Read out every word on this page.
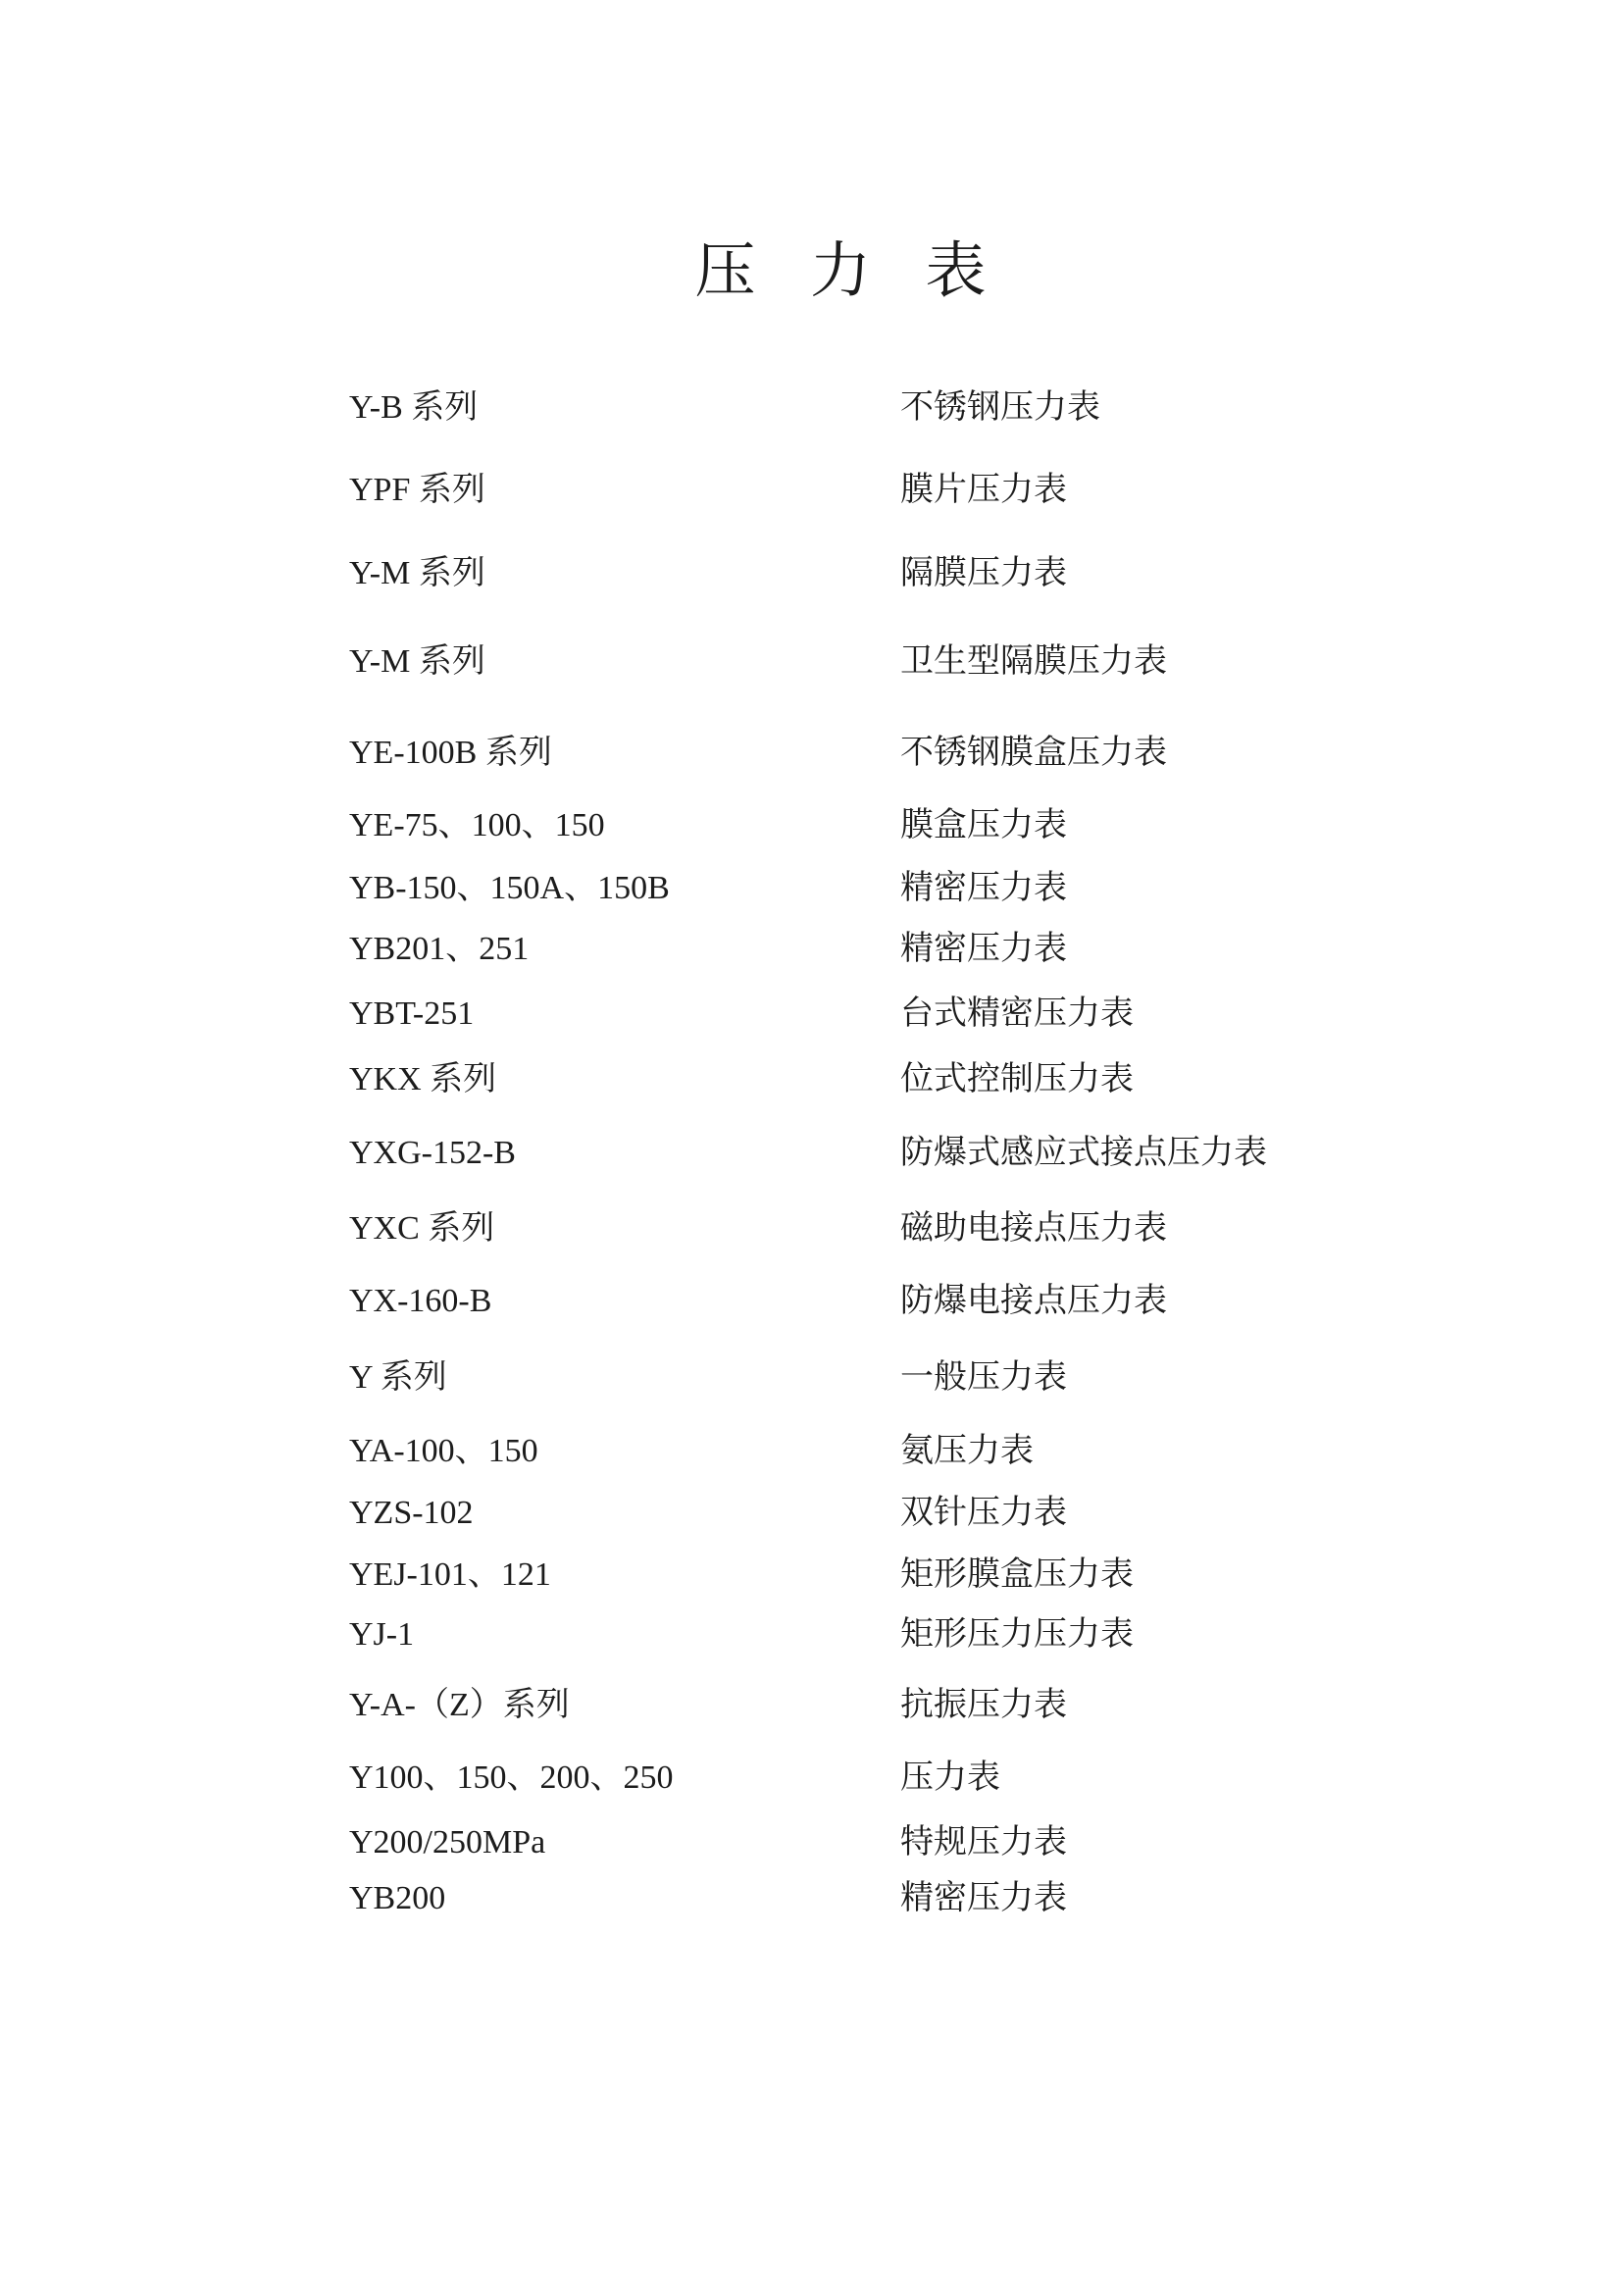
压 力 表
Y-B 系列	不锈钢压力表
YPF 系列	膜片压力表
Y-M 系列	隔膜压力表
Y-M 系列	卫生型隔膜压力表
YE-100B 系列	不锈钢膜盒压力表
YE-75、100、150	膜盒压力表
YB-150、150A、150B	精密压力表
YB201、251	精密压力表
YBT-251	台式精密压力表
YKX 系列	位式控制压力表
YXG-152-B	防爆式感应式接点压力表
YXC 系列	磁助电接点压力表
YX-160-B	防爆电接点压力表
Y 系列	一般压力表
YA-100、150	氨压力表
YZS-102	双针压力表
YEJ-101、121	矩形膜盒压力表
YJ-1	矩形压力压力表
Y-A-（Z）系列	抗振压力表
Y100、150、200、250	压力表
Y200/250MPa	特规压力表
YB200	精密压力表
